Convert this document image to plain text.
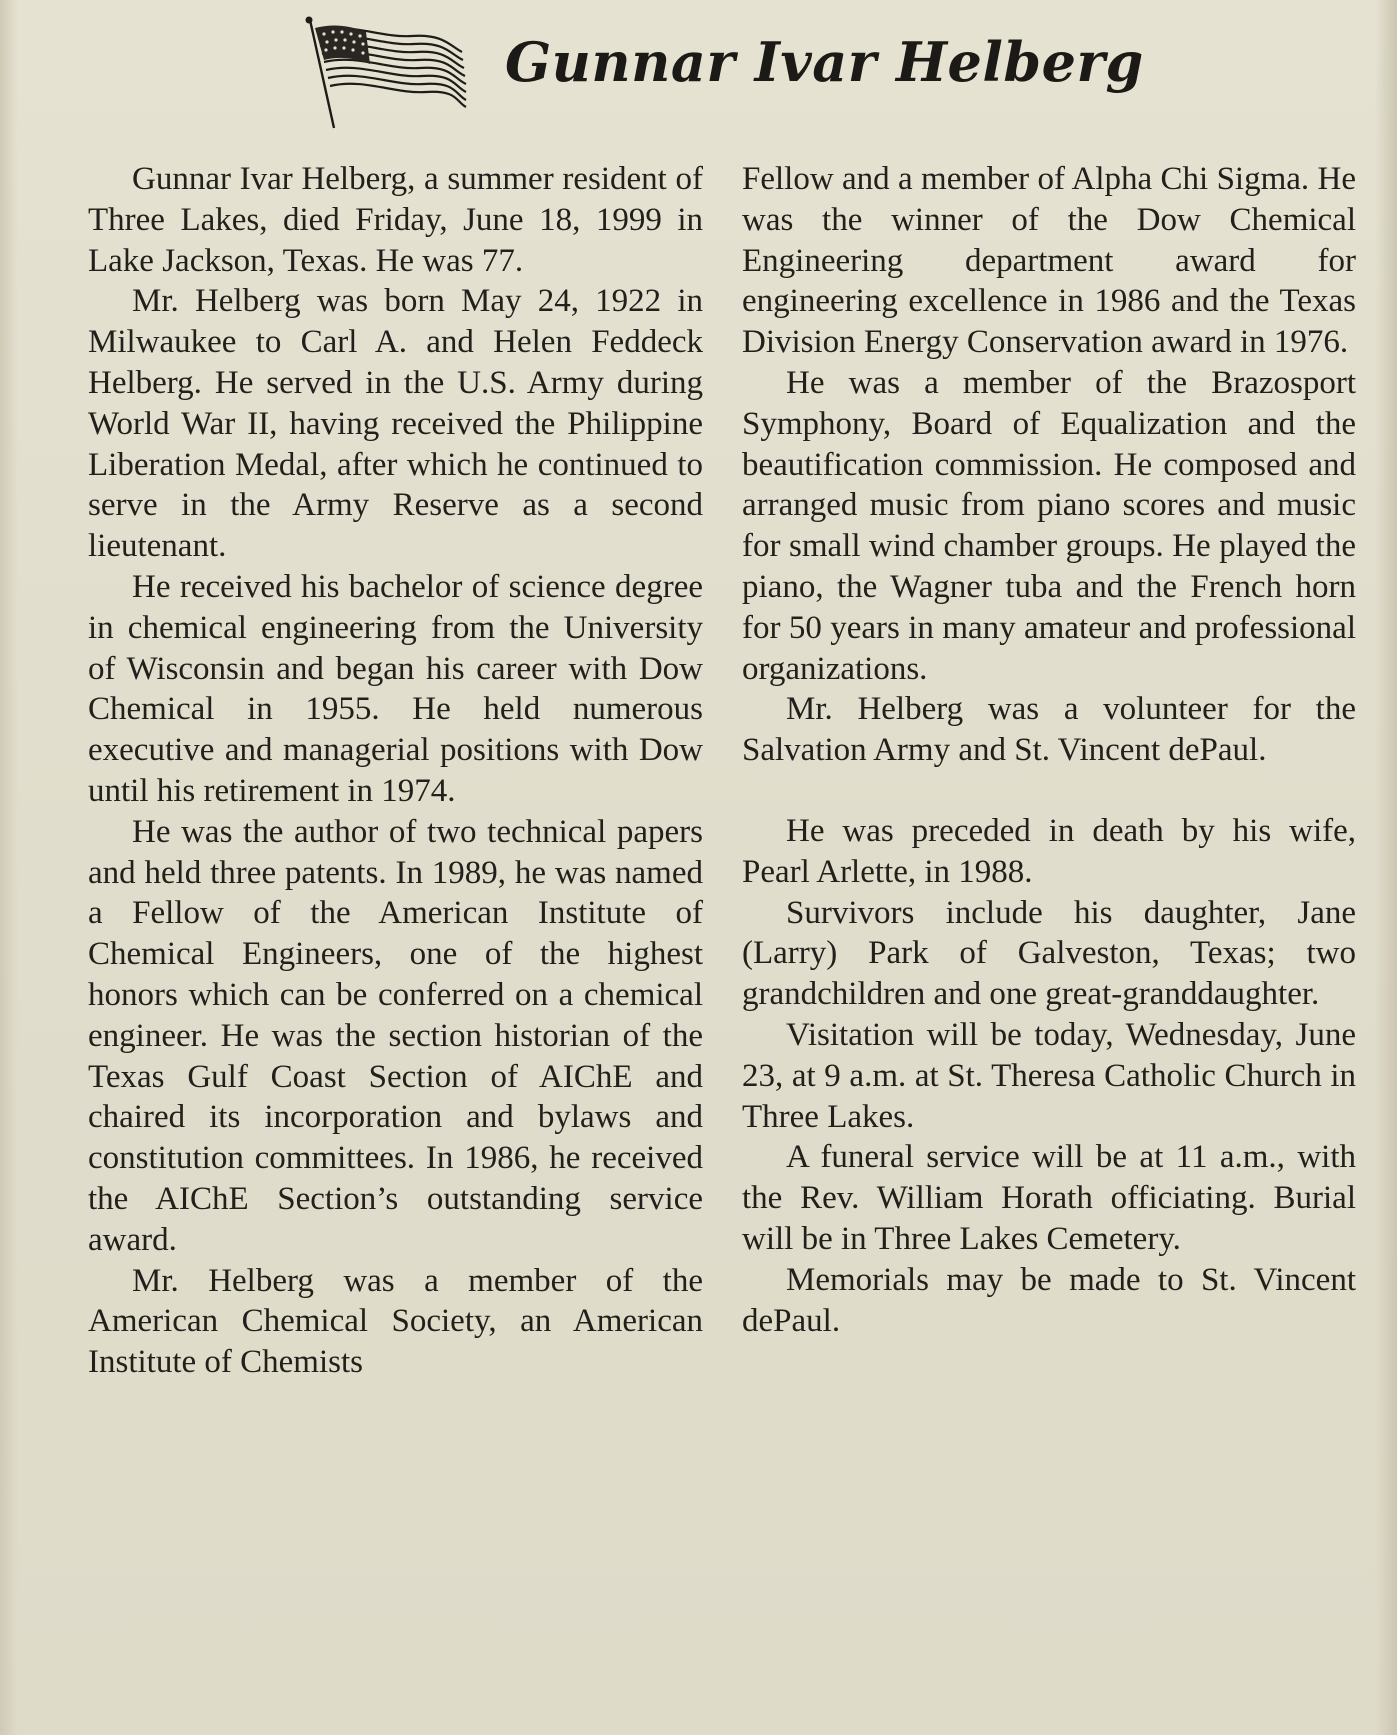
Gunnar Ivar Helberg

Gunnar Ivar Helberg, a summer resident of Three Lakes, died Friday, June 18, 1999 in Lake Jackson, Texas. He was 77.

Mr. Helberg was born May 24, 1922 in Milwaukee to Carl A. and Helen Feddeck Helberg. He served in the U.S. Army during World War II, having received the Philippine Liberation Medal, after which he continued to serve in the Army Reserve as a second lieutenant.

He received his bachelor of science degree in chemical engineering from the University of Wisconsin and began his career with Dow Chemical in 1955. He held numerous executive and managerial positions with Dow until his retirement in 1974.

He was the author of two technical papers and held three patents. In 1989, he was named a Fellow of the American Institute of Chemical Engineers, one of the highest honors which can be conferred on a chemical engineer. He was the section historian of the Texas Gulf Coast Section of AIChE and chaired its incorporation and bylaws and constitution committees. In 1986, he received the AIChE Section’s outstanding service award.

Mr. Helberg was a member of the American Chemical Society, an American Institute of Chemists

Fellow and a member of Alpha Chi Sigma. He was the winner of the Dow Chemical Engineering department award for engineering excellence in 1986 and the Texas Division Energy Conservation award in 1976.

He was a member of the Brazosport Symphony, Board of Equalization and the beautification commission. He composed and arranged music from piano scores and music for small wind chamber groups. He played the piano, the Wagner tuba and the French horn for 50 years in many amateur and professional organizations.

Mr. Helberg was a volunteer for the Salvation Army and St. Vincent dePaul.

He was preceded in death by his wife, Pearl Arlette, in 1988.

Survivors include his daughter, Jane (Larry) Park of Galveston, Texas; two grandchildren and one great-granddaughter.

Visitation will be today, Wednesday, June 23, at 9 a.m. at St. Theresa Catholic Church in Three Lakes.

A funeral service will be at 11 a.m., with the Rev. William Horath officiating. Burial will be in Three Lakes Cemetery.

Memorials may be made to St. Vincent dePaul.
